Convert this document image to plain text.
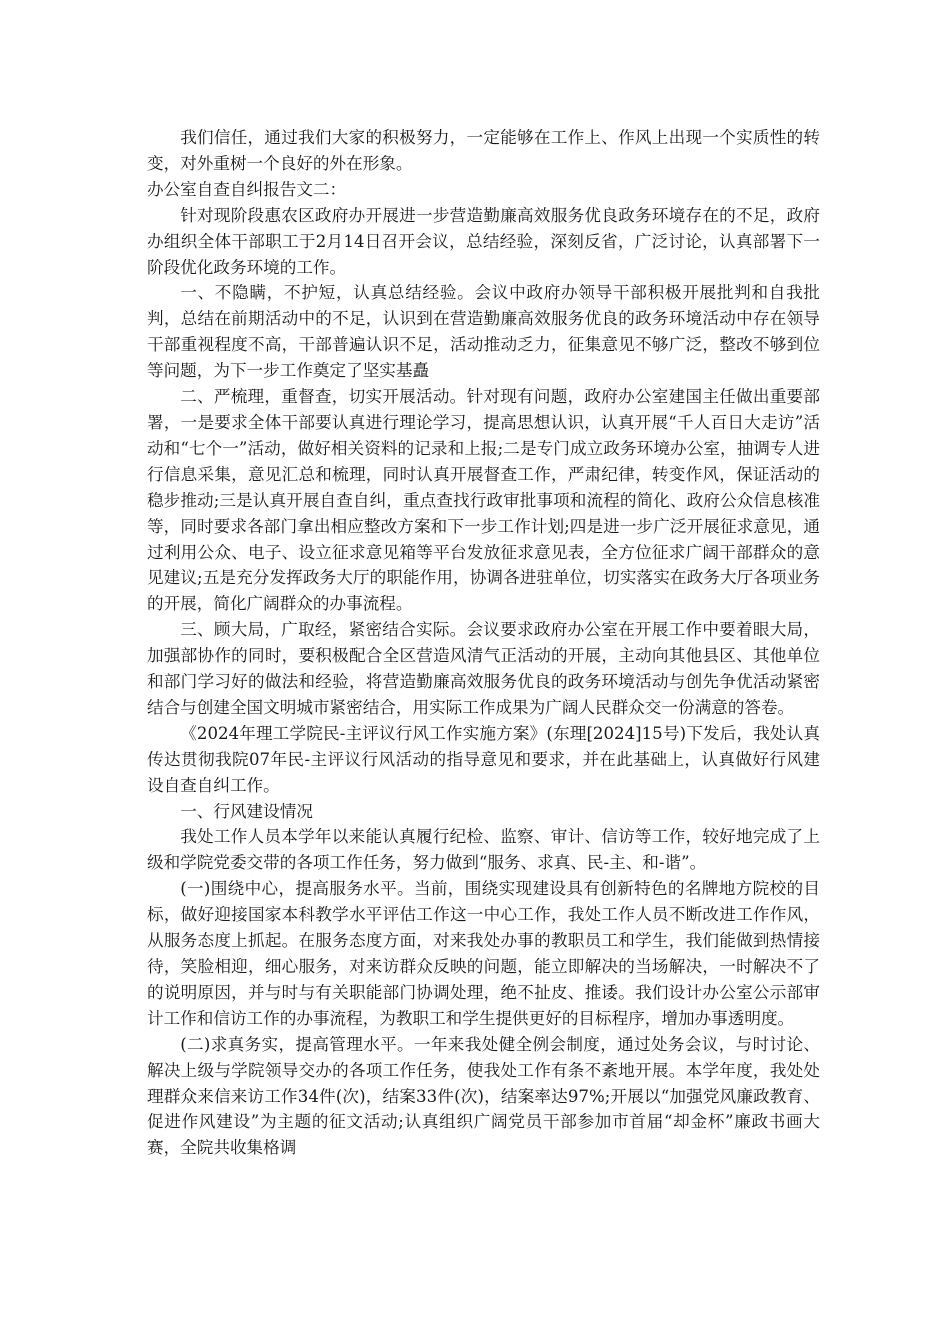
我们信任，通过我们大家的积极努力，一定能够在工作上、作风上出现一个实质性的转变，对外重树一个良好的外在形象。

办公室自查自纠报告文二：

针对现阶段惠农区政府办开展进一步营造勤廉高效服务优良政务环境存在的不足，政府办组织全体干部职工于2月14日召开会议，总结经验，深刻反省，广泛讨论，认真部署下一阶段优化政务环境的工作。

一、不隐瞒，不护短，认真总结经验。会议中政府办领导干部积极开展批判和自我批判，总结在前期活动中的不足，认识到在营造勤廉高效服务优良的政务环境活动中存在领导干部重视程度不高，干部普遍认识不足，活动推动乏力，征集意见不够广泛，整改不够到位等问题，为下一步工作奠定了坚实基矗

二、严梳理，重督查，切实开展活动。针对现有问题，政府办公室建国主任做出重要部署，一是要求全体干部要认真进行理论学习，提高思想认识，认真开展“千人百日大走访”活动和“七个一”活动，做好相关资料的记录和上报;二是专门成立政务环境办公室，抽调专人进行信息采集，意见汇总和梳理，同时认真开展督查工作，严肃纪律，转变作风，保证活动的稳步推动;三是认真开展自查自纠，重点查找行政审批事项和流程的简化、政府公众信息核准等，同时要求各部门拿出相应整改方案和下一步工作计划;四是进一步广泛开展征求意见，通过利用公众、电子、设立征求意见箱等平台发放征求意见表，全方位征求广阔干部群众的意见建议;五是充分发挥政务大厅的职能作用，协调各进驻单位，切实落实在政务大厅各项业务的开展，简化广阔群众的办事流程。

三、顾大局，广取经，紧密结合实际。会议要求政府办公室在开展工作中要着眼大局，加强部协作的同时，要积极配合全区营造风清气正活动的开展，主动向其他县区、其他单位和部门学习好的做法和经验，将营造勤廉高效服务优良的政务环境活动与创先争优活动紧密结合与创建全国文明城市紧密结合，用实际工作成果为广阔人民群众交一份满意的答卷。

《2024年理工学院民-主评议行风工作实施方案》(东理[2024]15号)下发后，我处认真传达贯彻我院07年民-主评议行风活动的指导意见和要求，并在此基础上，认真做好行风建设自查自纠工作。

一、行风建设情况

我处工作人员本学年以来能认真履行纪检、监察、审计、信访等工作，较好地完成了上级和学院党委交带的各项工作任务，努力做到“服务、求真、民-主、和-谐”。

(一)围绕中心，提高服务水平。当前，围绕实现建设具有创新特色的名牌地方院校的目标，做好迎接国家本科教学水平评估工作这一中心工作，我处工作人员不断改进工作作风，从服务态度上抓起。在服务态度方面，对来我处办事的教职员工和学生，我们能做到热情接待，笑脸相迎，细心服务，对来访群众反映的问题，能立即解决的当场解决，一时解决不了的说明原因，并与时与有关职能部门协调处理，绝不扯皮、推诿。我们设计办公室公示部审计工作和信访工作的办事流程，为教职工和学生提供更好的目标程序，增加办事透明度。

(二)求真务实，提高管理水平。一年来我处健全例会制度，通过处务会议，与时讨论、解决上级与学院领导交办的各项工作任务，使我处工作有条不紊地开展。本学年度，我处处理群众来信来访工作34件(次)，结案33件(次)，结案率达97%;开展以“加强党风廉政教育、促进作风建设”为主题的征文活动;认真组织广阔党员干部参加市首届“却金杯”廉政书画大赛，全院共收集格调
